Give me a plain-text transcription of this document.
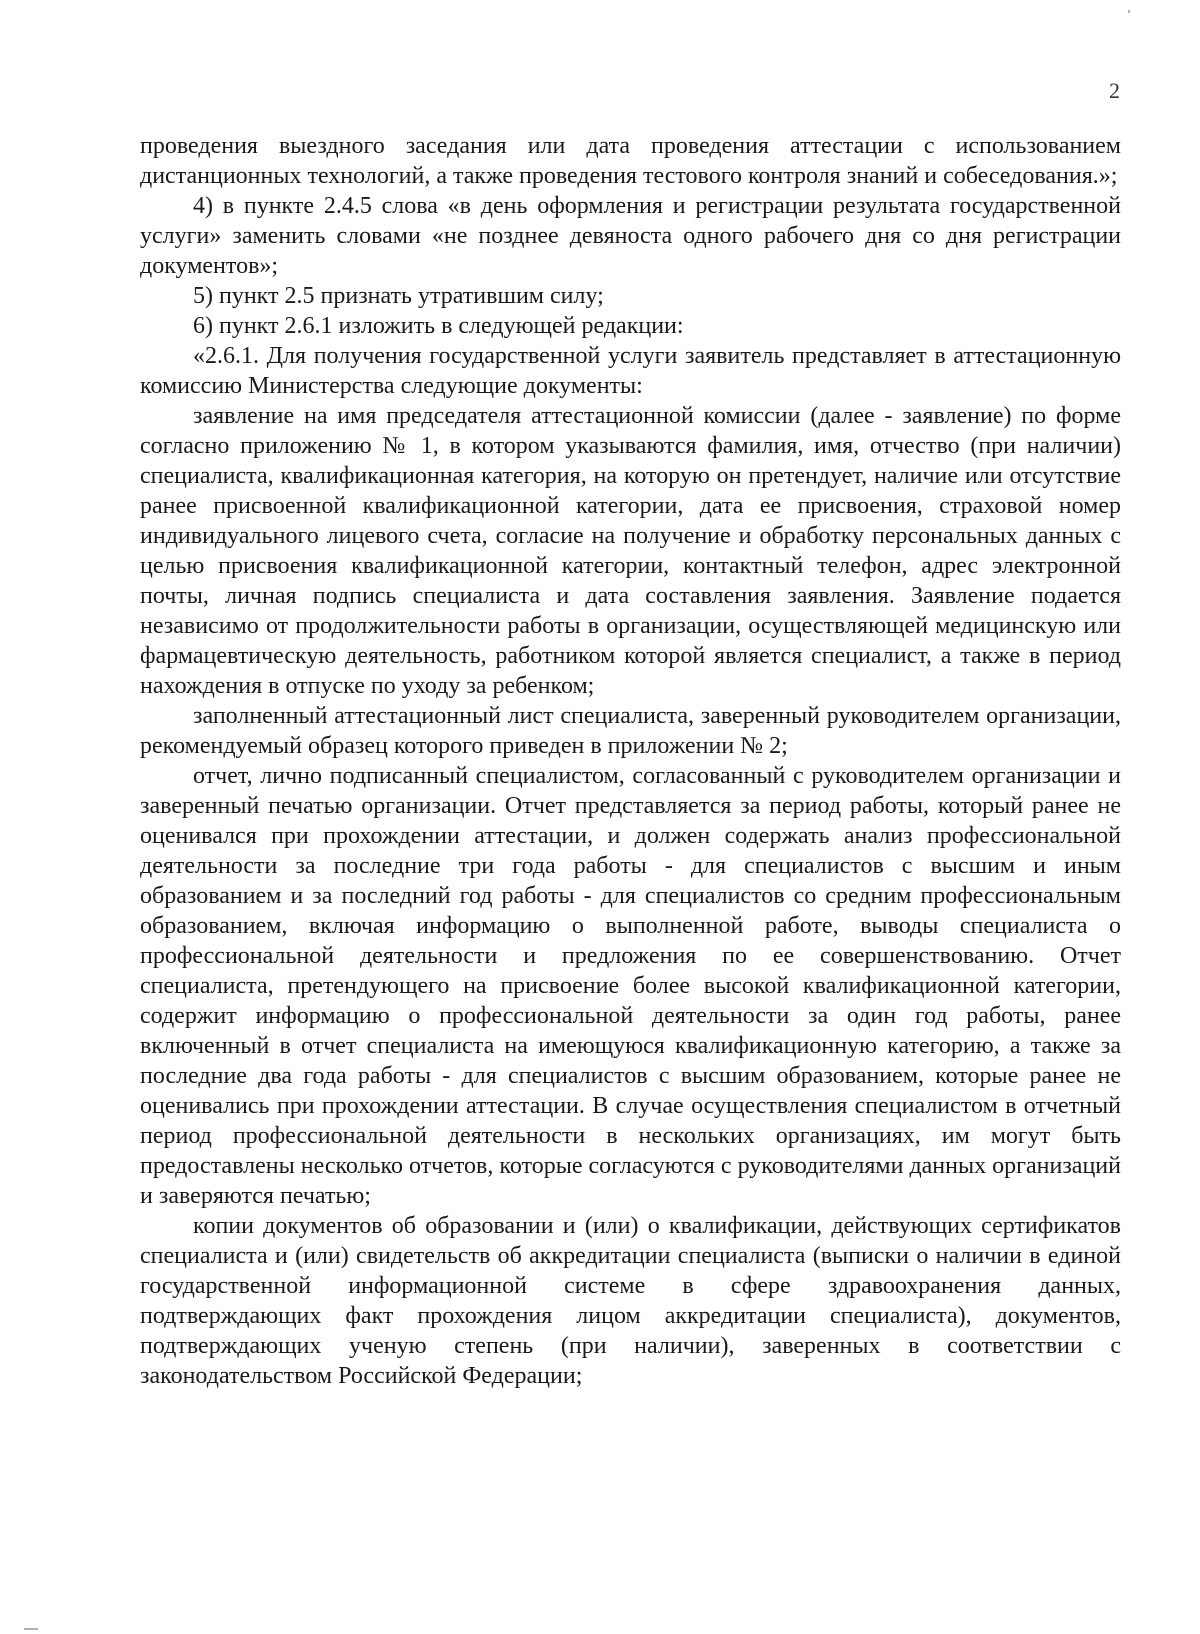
2

проведения выездного заседания или дата проведения аттестации с использованием дистанционных технологий, а также проведения тестового контроля знаний и собеседования.»;

4) в пункте 2.4.5 слова «в день оформления и регистрации результата государственной услуги» заменить словами «не позднее девяноста одного рабочего дня со дня регистрации документов»;

5) пункт 2.5 признать утратившим силу;

6) пункт 2.6.1 изложить в следующей редакции:

«2.6.1. Для получения государственной услуги заявитель представляет в аттестационную комиссию Министерства следующие документы:

заявление на имя председателя аттестационной комиссии (далее - заявление) по форме согласно приложению № 1, в котором указываются фамилия, имя, отчество (при наличии) специалиста, квалификационная категория, на которую он претендует, наличие или отсутствие ранее присвоенной квалификационной категории, дата ее присвоения, страховой номер индивидуального лицевого счета, согласие на получение и обработку персональных данных с целью присвоения квалификационной категории, контактный телефон, адрес электронной почты, личная подпись специалиста и дата составления заявления. Заявление подается независимо от продолжительности работы в организации, осуществляющей медицинскую или фармацевтическую деятельность, работником которой является специалист, а также в период нахождения в отпуске по уходу за ребенком;

заполненный аттестационный лист специалиста, заверенный руководителем организации, рекомендуемый образец которого приведен в приложении № 2;

отчет, лично подписанный специалистом, согласованный с руководителем организации и заверенный печатью организации. Отчет представляется за период работы, который ранее не оценивался при прохождении аттестации, и должен содержать анализ профессиональной деятельности за последние три года работы - для специалистов с высшим и иным образованием и за последний год работы - для специалистов со средним профессиональным образованием, включая информацию о выполненной работе, выводы специалиста о профессиональной деятельности и предложения по ее совершенствованию. Отчет специалиста, претендующего на присвоение более высокой квалификационной категории, содержит информацию о профессиональной деятельности за один год работы, ранее включенный в отчет специалиста на имеющуюся квалификационную категорию, а также за последние два года работы - для специалистов с высшим образованием, которые ранее не оценивались при прохождении аттестации. В случае осуществления специалистом в отчетный период профессиональной деятельности в нескольких организациях, им могут быть предоставлены несколько отчетов, которые согласуются с руководителями данных организаций и заверяются печатью;

копии документов об образовании и (или) о квалификации, действующих сертификатов специалиста и (или) свидетельств об аккредитации специалиста (выписки о наличии в единой государственной информационной системе в сфере здравоохранения данных, подтверждающих факт прохождения лицом аккредитации специалиста), документов, подтверждающих ученую степень (при наличии), заверенных в соответствии с законодательством Российской Федерации;
